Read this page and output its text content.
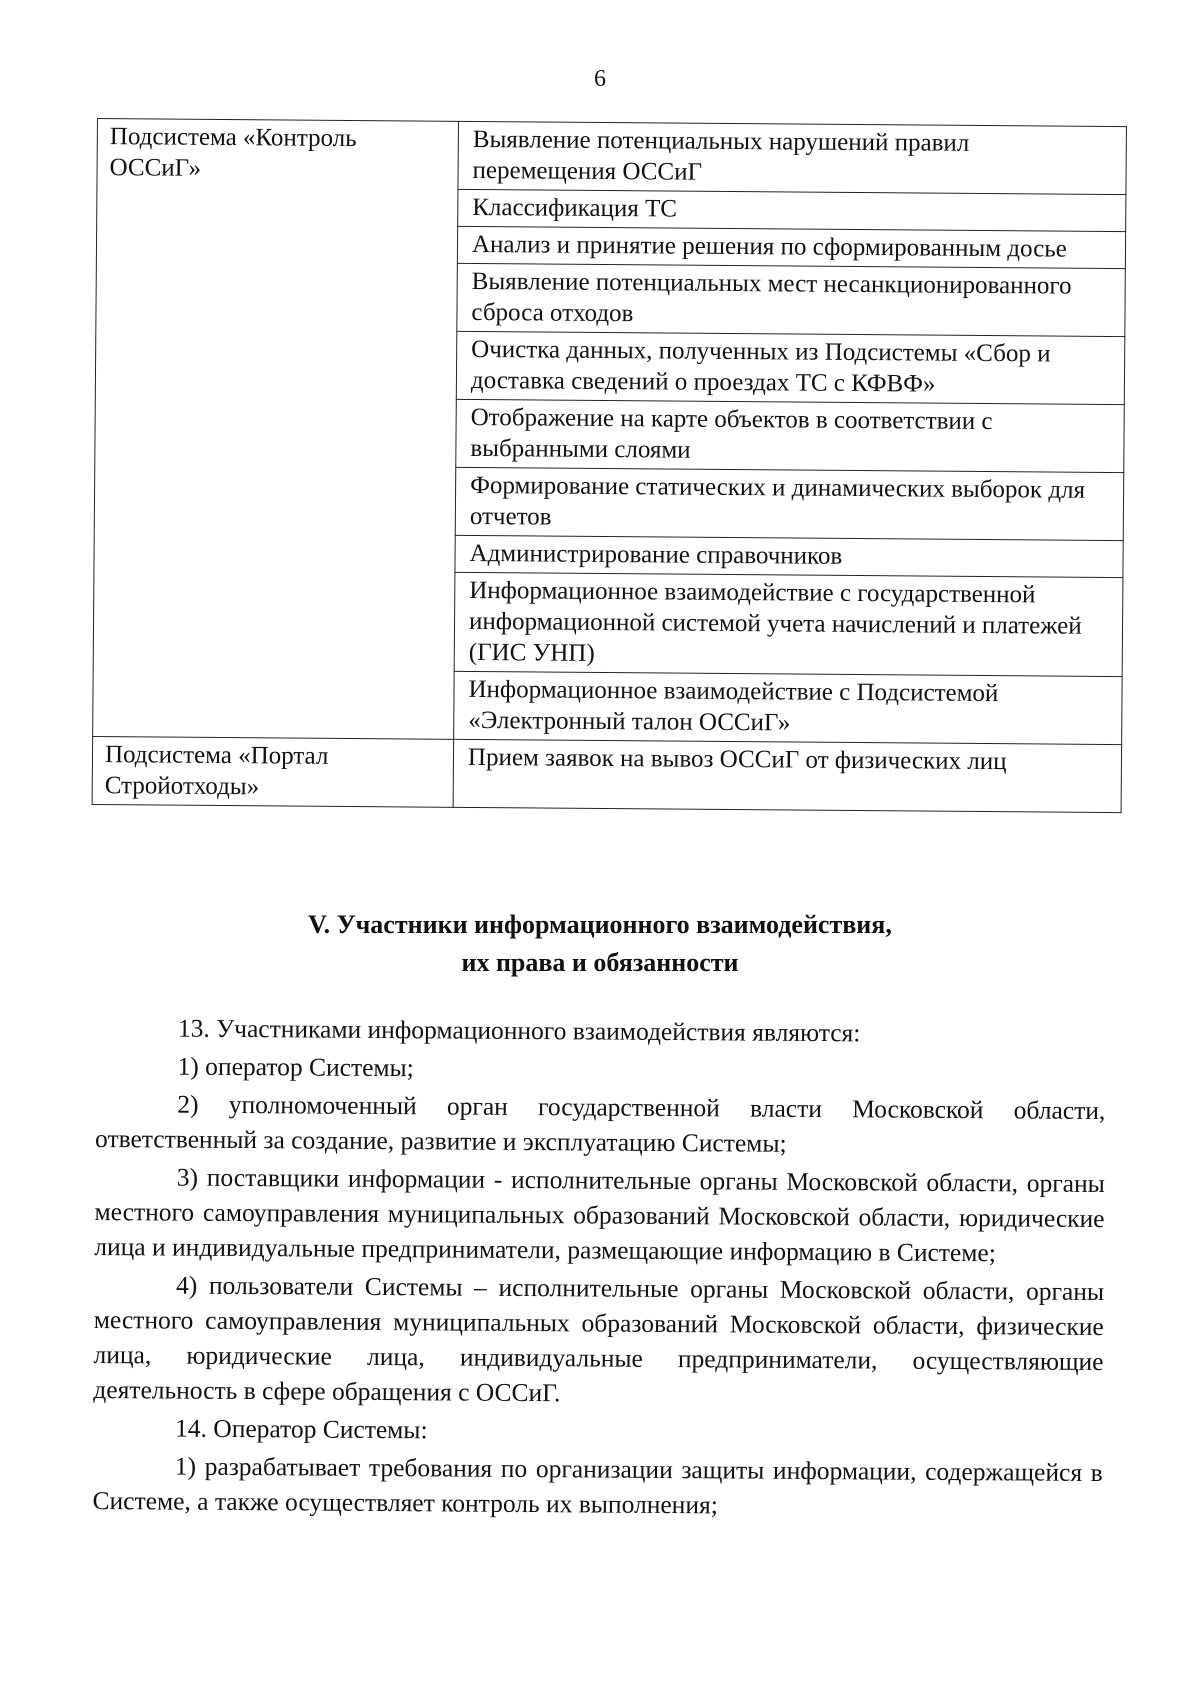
6
Подсистема «Контроль ОССиГ»	Выявление потенциальных нарушений правил перемещения ОССиГ
	Классификация ТС
	Анализ и принятие решения по сформированным досье
	Выявление потенциальных мест несанкционированного сброса отходов
	Очистка данных, полученных из Подсистемы «Сбор и доставка сведений о проездах ТС с КФВФ»
	Отображение на карте объектов в соответствии с выбранными слоями
	Формирование статических и динамических выборок для отчетов
	Администрирование справочников
	Информационное взаимодействие с государственной информационной системой учета начислений и платежей (ГИС УНП)
	Информационное взаимодействие с Подсистемой «Электронный талон ОССиГ»
Подсистема «Портал Стройотходы»	Прием заявок на вывоз ОССиГ от физических лиц
V. Участники информационного взаимодействия,
их права и обязанности

13. Участниками информационного взаимодействия являются:

1) оператор Системы;

2) уполномоченный орган государственной власти Московской области, ответственный за создание, развитие и эксплуатацию Системы;

3) поставщики информации - исполнительные органы Московской области, органы местного самоуправления муниципальных образований Московской области, юридические лица и индивидуальные предприниматели, размещающие информацию в Системе;

4) пользователи Системы – исполнительные органы Московской области, органы местного самоуправления муниципальных образований Московской области, физические лица, юридические лица, индивидуальные предприниматели, осуществляющие деятельность в сфере обращения с ОССиГ.

14. Оператор Системы:

1) разрабатывает требования по организации защиты информации, содержащейся в Системе, а также осуществляет контроль их выполнения;
